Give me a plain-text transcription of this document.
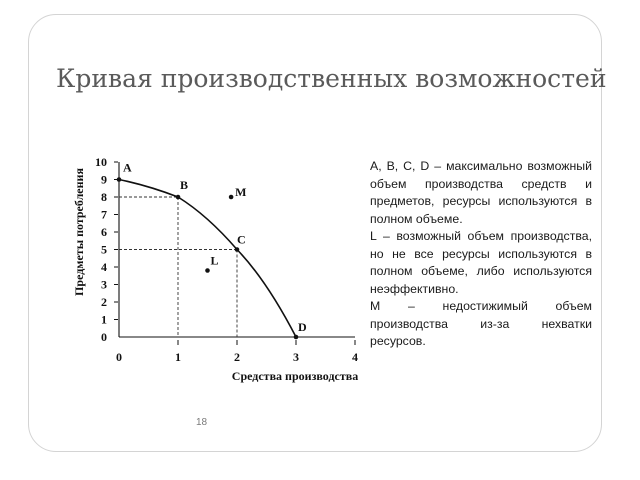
Кривая производственных возможностей
A
B
C
D
M
L
0
1
2
3
4
5
6
7
8
9
10
0	1	2	3	4
Средства производства
Предметы потребления

A, B, C, D – максимально возможный объем производства средств и предметов, ресурсы используются в полном объеме.

L – возможный объем производства, но не все ресурсы используются в полном объеме, либо используются неэффективно.

M – недостижимый объем производства из-за нехватки ресурсов.

18
